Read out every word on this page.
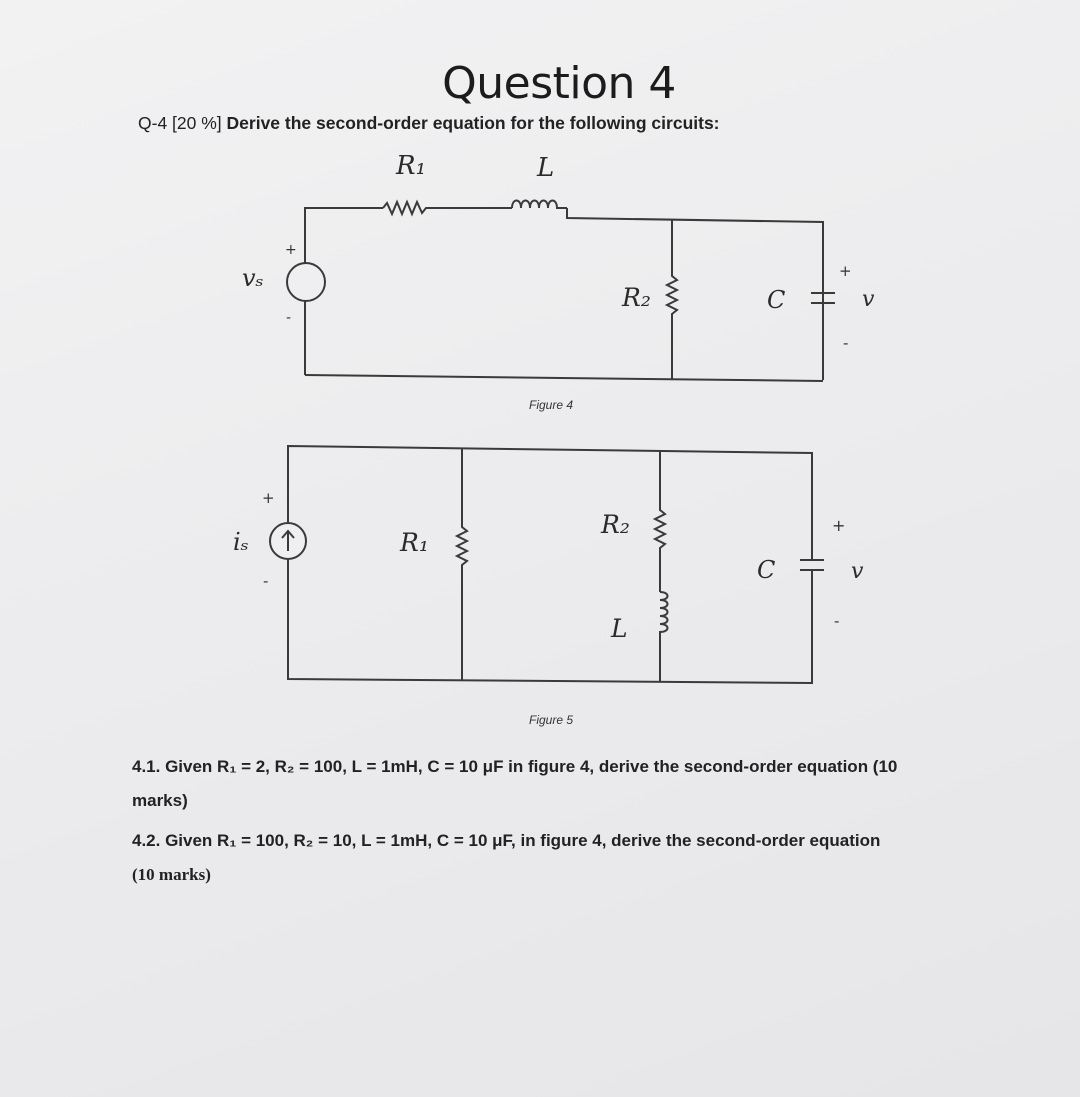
Question 4
Q-4 [20 %] Derive the second-order equation for the following circuits:
R₁	L
vₛ
+
-
R₂	C
+
v
-
Figure 4
+
iₛ
-
R₁
R₂
L
C
+
v
-
Figure 5
4.1. Given R₁ = 2, R₂ = 100, L = 1mH, C = 10 μF in figure 4, derive the second-order equation (10
marks)
4.2. Given R₁ = 100, R₂ = 10, L = 1mH, C = 10 μF, in figure 4, derive the second-order equation
(10 marks)
